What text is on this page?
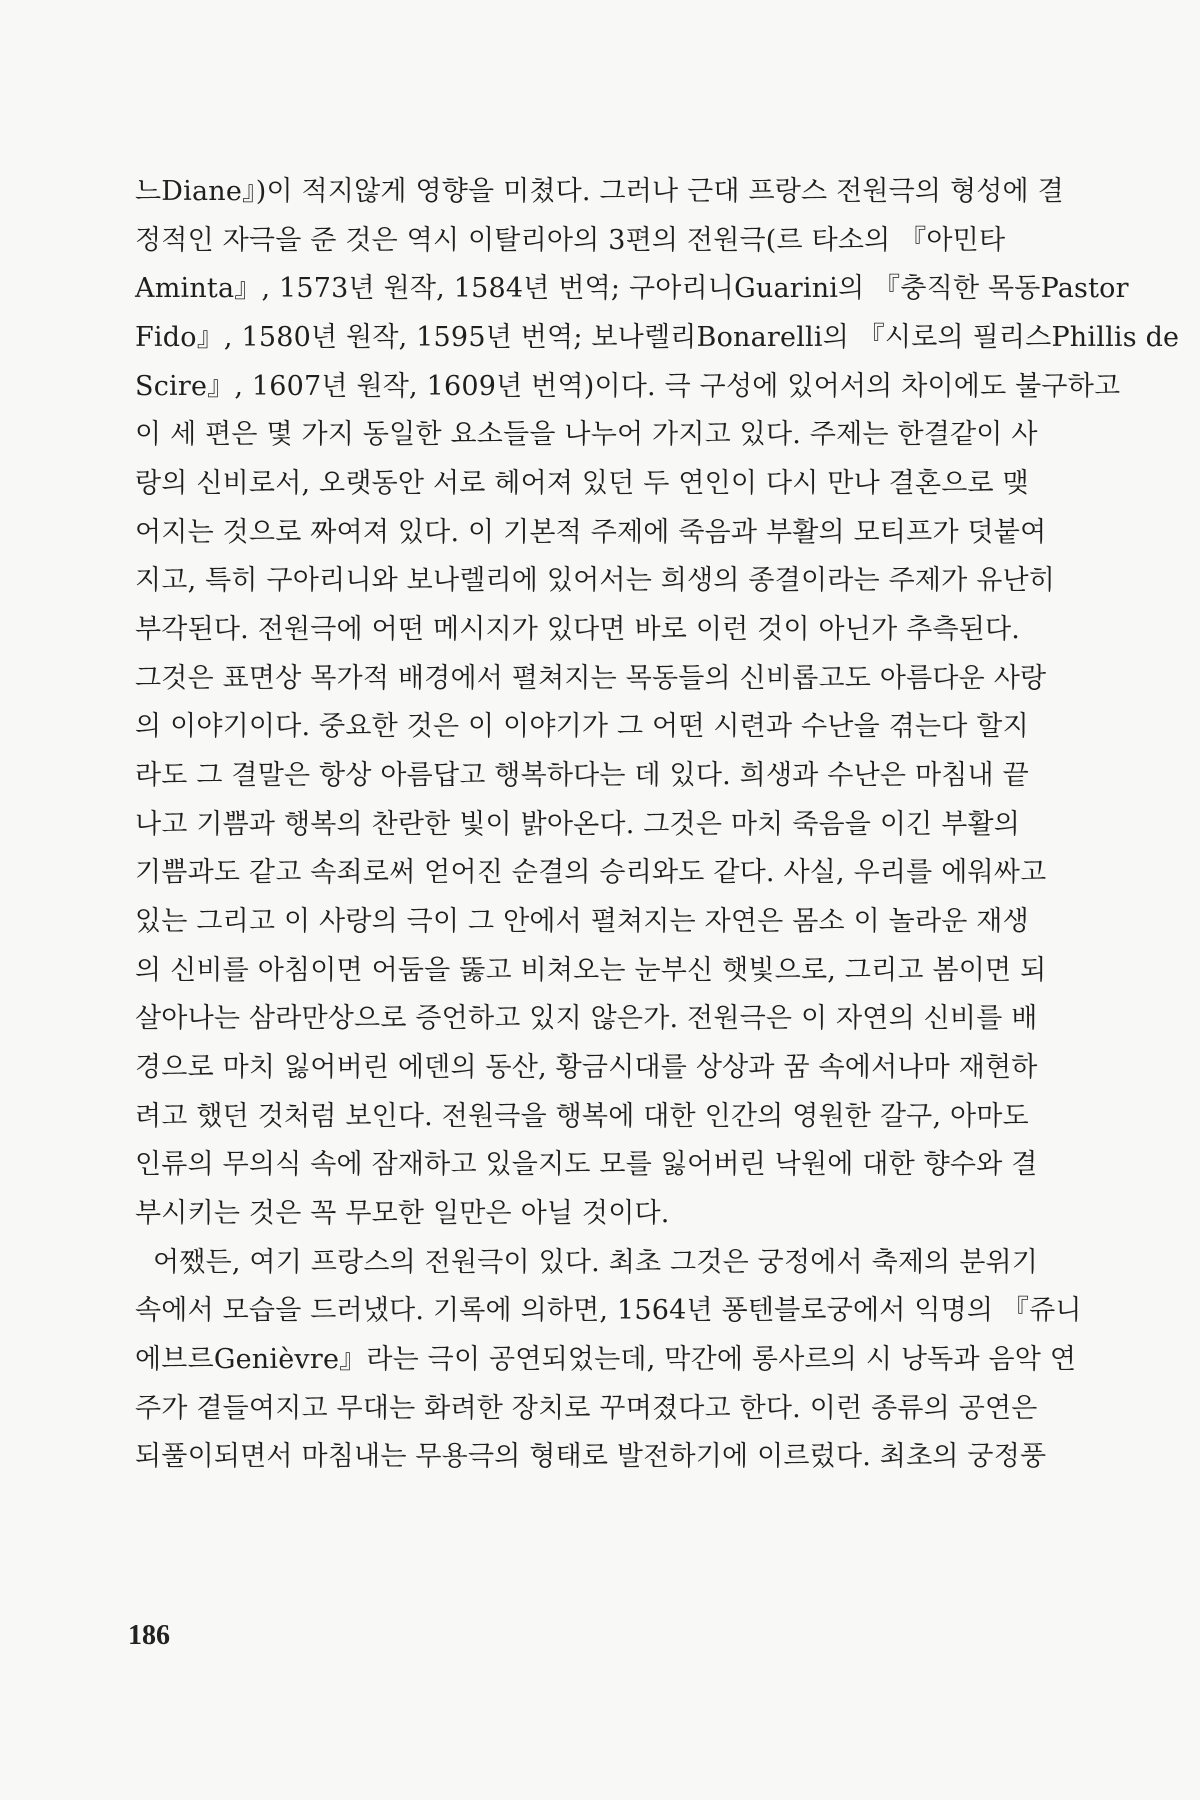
느Diane』)이 적지않게 영향을 미쳤다. 그러나 근대 프랑스 전원극의 형성에 결
정적인 자극을 준 것은 역시 이탈리아의 3편의 전원극(르 타소의 『아민타
Aminta』, 1573년 원작, 1584년 번역; 구아리니Guarini의 『충직한 목동Pastor
Fido』, 1580년 원작, 1595년 번역; 보나렐리Bonarelli의 『시로의 필리스Phillis de
Scire』, 1607년 원작, 1609년 번역)이다. 극 구성에 있어서의 차이에도 불구하고
이 세 편은 몇 가지 동일한 요소들을 나누어 가지고 있다. 주제는 한결같이 사
랑의 신비로서, 오랫동안 서로 헤어져 있던 두 연인이 다시 만나 결혼으로 맺
어지는 것으로 짜여져 있다. 이 기본적 주제에 죽음과 부활의 모티프가 덧붙여
지고, 특히 구아리니와 보나렐리에 있어서는 희생의 종결이라는 주제가 유난히
부각된다. 전원극에 어떤 메시지가 있다면 바로 이런 것이 아닌가 추측된다.
그것은 표면상 목가적 배경에서 펼쳐지는 목동들의 신비롭고도 아름다운 사랑
의 이야기이다. 중요한 것은 이 이야기가 그 어떤 시련과 수난을 겪는다 할지
라도 그 결말은 항상 아름답고 행복하다는 데 있다. 희생과 수난은 마침내 끝
나고 기쁨과 행복의 찬란한 빛이 밝아온다. 그것은 마치 죽음을 이긴 부활의
기쁨과도 같고 속죄로써 얻어진 순결의 승리와도 같다. 사실, 우리를 에워싸고
있는 그리고 이 사랑의 극이 그 안에서 펼쳐지는 자연은 몸소 이 놀라운 재생
의 신비를 아침이면 어둠을 뚫고 비쳐오는 눈부신 햇빛으로, 그리고 봄이면 되
살아나는 삼라만상으로 증언하고 있지 않은가. 전원극은 이 자연의 신비를 배
경으로 마치 잃어버린 에덴의 동산, 황금시대를 상상과 꿈 속에서나마 재현하
려고 했던 것처럼 보인다. 전원극을 행복에 대한 인간의 영원한 갈구, 아마도
인류의 무의식 속에 잠재하고 있을지도 모를 잃어버린 낙원에 대한 향수와 결
부시키는 것은 꼭 무모한 일만은 아닐 것이다.
어쨌든, 여기 프랑스의 전원극이 있다. 최초 그것은 궁정에서 축제의 분위기
속에서 모습을 드러냈다. 기록에 의하면, 1564년 퐁텐블로궁에서 익명의 『쥬니
에브르Genièvre』라는 극이 공연되었는데, 막간에 롱사르의 시 낭독과 음악 연
주가 곁들여지고 무대는 화려한 장치로 꾸며졌다고 한다. 이런 종류의 공연은
되풀이되면서 마침내는 무용극의 형태로 발전하기에 이르렀다. 최초의 궁정풍
186
